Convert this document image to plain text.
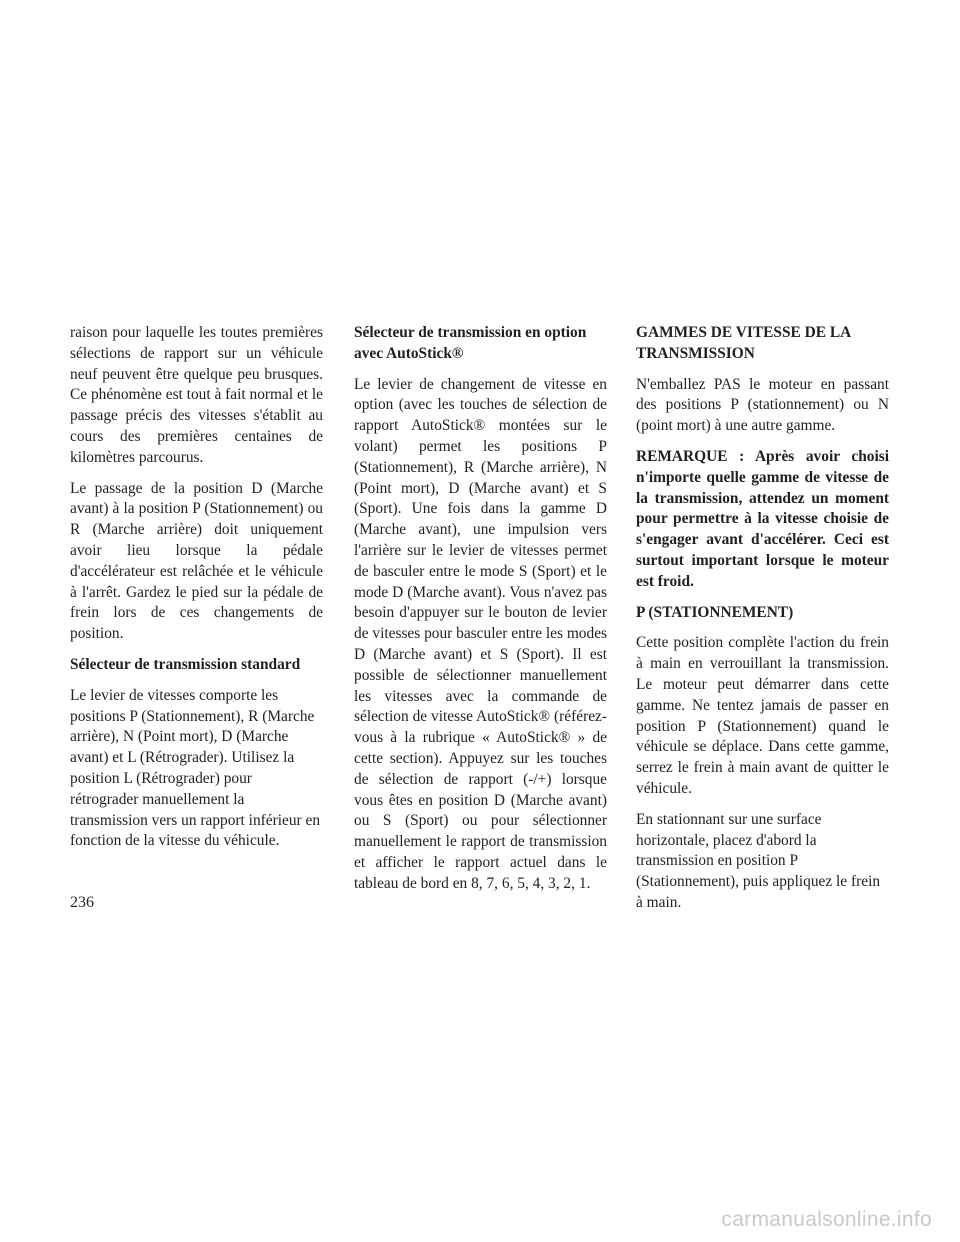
raison pour laquelle les toutes premières sélections de rapport sur un véhicule neuf peuvent être quelque peu brusques. Ce phénomène est tout à fait normal et le passage précis des vitesses s'établit au cours des premières centaines de kilomètres parcourus.

Le passage de la position D (Marche avant) à la position P (Stationnement) ou R (Marche arrière) doit uniquement avoir lieu lorsque la pédale d'accélérateur est relâchée et le véhicule à l'arrêt. Gardez le pied sur la pédale de frein lors de ces changements de position.

Sélecteur de transmission standard

Le levier de vitesses comporte les positions P (Stationnement), R (Marche arrière), N (Point mort), D (Marche avant) et L (Rétrograder). Utilisez la position L (Rétrograder) pour rétrograder manuellement la transmission vers un rapport inférieur en fonction de la vitesse du véhicule.

Sélecteur de transmission en option avec AutoStick®

Le levier de changement de vitesse en option (avec les touches de sélection de rapport AutoStick® montées sur le volant) permet les positions P (Stationnement), R (Marche arrière), N (Point mort), D (Marche avant) et S (Sport). Une fois dans la gamme D (Marche avant), une impulsion vers l'arrière sur le levier de vitesses permet de basculer entre le mode S (Sport) et le mode D (Marche avant). Vous n'avez pas besoin d'appuyer sur le bouton de levier de vitesses pour basculer entre les modes D (Marche avant) et S (Sport). Il est possible de sélectionner manuellement les vitesses avec la commande de sélection de vitesse AutoStick® (référez-vous à la rubrique « AutoStick® » de cette section). Appuyez sur les touches de sélection de rapport (-/+) lorsque vous êtes en position D (Marche avant) ou S (Sport) ou pour sélectionner manuellement le rapport de transmission et afficher le rapport actuel dans le tableau de bord en 8, 7, 6, 5, 4, 3, 2, 1.

GAMMES DE VITESSE DE LA TRANSMISSION

N'emballez PAS le moteur en passant des positions P (stationnement) ou N (point mort) à une autre gamme.

REMARQUE : Après avoir choisi n'importe quelle gamme de vitesse de la transmission, attendez un moment pour permettre à la vitesse choisie de s'engager avant d'accélérer. Ceci est surtout important lorsque le moteur est froid.

P (STATIONNEMENT)

Cette position complète l'action du frein à main en verrouillant la transmission. Le moteur peut démarrer dans cette gamme. Ne tentez jamais de passer en position P (Stationnement) quand le véhicule se déplace. Dans cette gamme, serrez le frein à main avant de quitter le véhicule.

En stationnant sur une surface horizontale, placez d'abord la transmission en position P (Stationnement), puis appliquez le frein à main.

236
carmanualsonline.info
